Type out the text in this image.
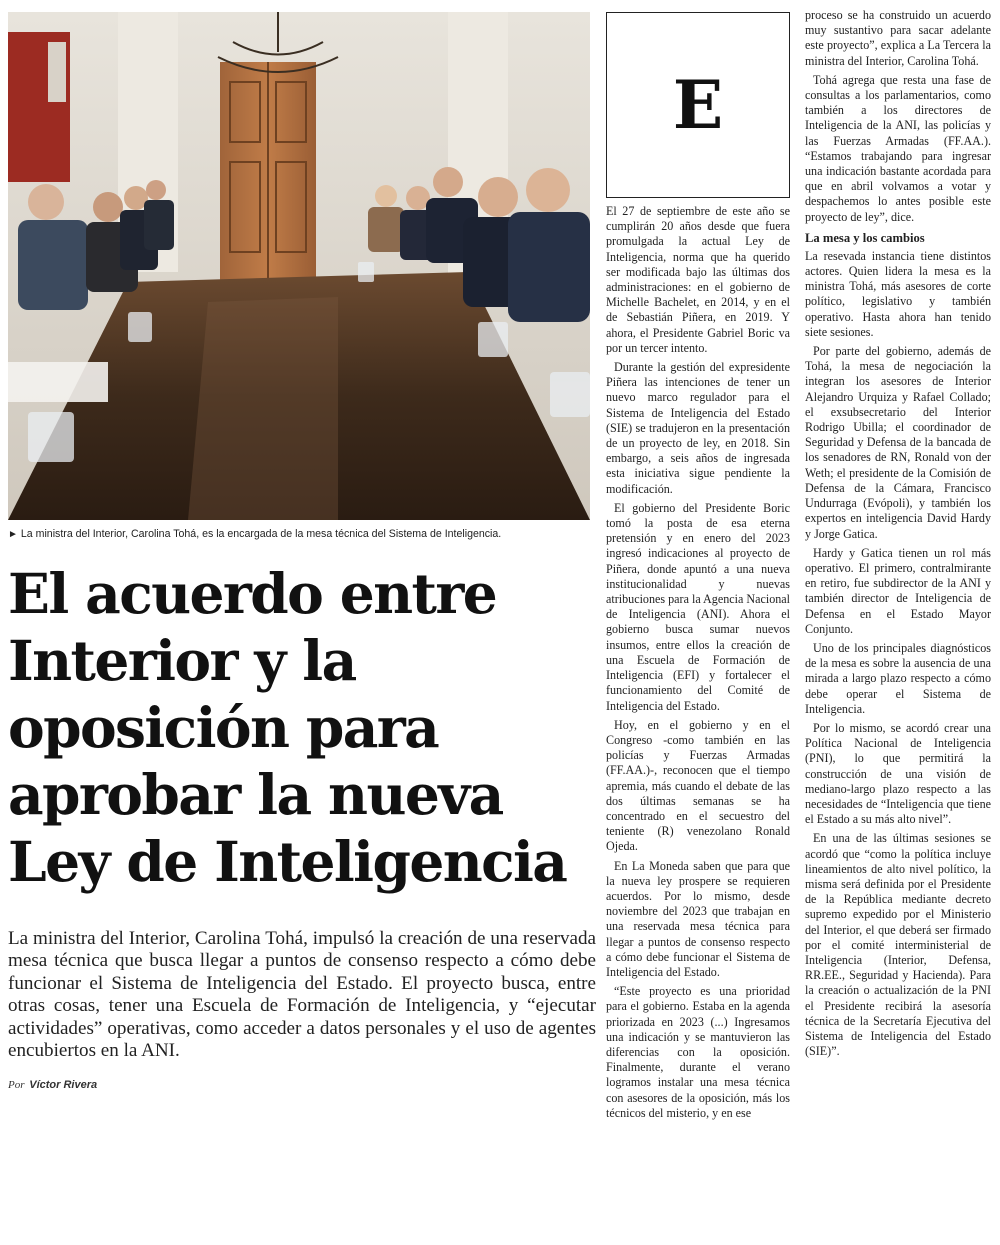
► La ministra del Interior, Carolina Tohá, es la encargada de la mesa técnica del Sistema de Inteligencia.
El acuerdo entre Interior y la oposición para aprobar la nueva Ley de Inteligencia
La ministra del Interior, Carolina Tohá, impulsó la creación de una reservada mesa técnica que busca llegar a puntos de consenso respecto a cómo debe funcionar el Sistema de Inteligencia del Estado. El proyecto busca, entre otras cosas, tener una Escuela de Formación de Inteligencia, y “ejecutar actividades” operativas, como acceder a datos personales y el uso de agentes encubiertos en la ANI.
Por Víctor Rivera
E

El 27 de septiembre de este año se cumplirán 20 años desde que fuera promulgada la actual Ley de Inteligencia, norma que ha querido ser modificada bajo las últimas dos administraciones: en el gobierno de Michelle Bachelet, en 2014, y en el de Sebastián Piñera, en 2019. Y ahora, el Presidente Gabriel Boric va por un tercer intento.

Durante la gestión del expresidente Piñera las intenciones de tener un nuevo marco regulador para el Sistema de Inteligencia del Estado (SIE) se tradujeron en la presentación de un proyecto de ley, en 2018. Sin embargo, a seis años de ingresada esta iniciativa sigue pendiente la modificación.

El gobierno del Presidente Boric tomó la posta de esa eterna pretensión y en enero del 2023 ingresó indicaciones al proyecto de Piñera, donde apuntó a una nueva institucionalidad y nuevas atribuciones para la Agencia Nacional de Inteligencia (ANI). Ahora el gobierno busca sumar nuevos insumos, entre ellos la creación de una Escuela de Formación de Inteligencia (EFI) y fortalecer el funcionamiento del Comité de Inteligencia del Estado.

Hoy, en el gobierno y en el Congreso -como también en las policías y Fuerzas Armadas (FF.AA.)-, reconocen que el tiempo apremia, más cuando el debate de las dos últimas semanas se ha concentrado en el secuestro del teniente (R) venezolano Ronald Ojeda.

En La Moneda saben que para que la nueva ley prospere se requieren acuerdos. Por lo mismo, desde noviembre del 2023 que trabajan en una reservada mesa técnica para llegar a puntos de consenso respecto a cómo debe funcionar el Sistema de Inteligencia del Estado.

“Este proyecto es una prioridad para el gobierno. Estaba en la agenda priorizada en 2023 (...) Ingresamos una indicación y se mantuvieron las diferencias con la oposición. Finalmente, durante el verano logramos instalar una mesa técnica con asesores de la oposición, más los técnicos del misterio, y en ese

proceso se ha construido un acuerdo muy sustantivo para sacar adelante este proyecto”, explica a La Tercera la ministra del Interior, Carolina Tohá.

Tohá agrega que resta una fase de consultas a los parlamentarios, como también a los directores de Inteligencia de la ANI, las policías y las Fuerzas Armadas (FF.AA.). “Estamos trabajando para ingresar una indicación bastante acordada para que en abril volvamos a votar y despachemos lo antes posible este proyecto de ley”, dice.

La mesa y los cambios

La resevada instancia tiene distintos actores. Quien lidera la mesa es la ministra Tohá, más asesores de corte político, legislativo y también operativo. Hasta ahora han tenido siete sesiones.

Por parte del gobierno, además de Tohá, la mesa de negociación la integran los asesores de Interior Alejandro Urquiza y Rafael Collado; el exsubsecretario del Interior Rodrigo Ubilla; el coordinador de Seguridad y Defensa de la bancada de los senadores de RN, Ronald von der Weth; el presidente de la Comisión de Defensa de la Cámara, Francisco Undurraga (Evópoli), y también los expertos en inteligencia David Hardy y Jorge Gatica.

Hardy y Gatica tienen un rol más operativo. El primero, contralmirante en retiro, fue subdirector de la ANI y también director de Inteligencia de Defensa en el Estado Mayor Conjunto.

Uno de los principales diagnósticos de la mesa es sobre la ausencia de una mirada a largo plazo respecto a cómo debe operar el Sistema de Inteligencia.

Por lo mismo, se acordó crear una Política Nacional de Inteligencia (PNI), lo que permitirá la construcción de una visión de mediano-largo plazo respecto a las necesidades de “Inteligencia que tiene el Estado a su más alto nivel”.

En una de las últimas sesiones se acordó que “como la política incluye lineamientos de alto nivel político, la misma será definida por el Presidente de la República mediante decreto supremo expedido por el Ministerio del Interior, el que deberá ser firmado por el comité interministerial de Inteligencia (Interior, Defensa, RR.EE., Seguridad y Hacienda). Para la creación o actualización de la PNI el Presidente recibirá la asesoría técnica de la Secretaría Ejecutiva del Sistema de Inteligencia del Estado (SIE)”.
